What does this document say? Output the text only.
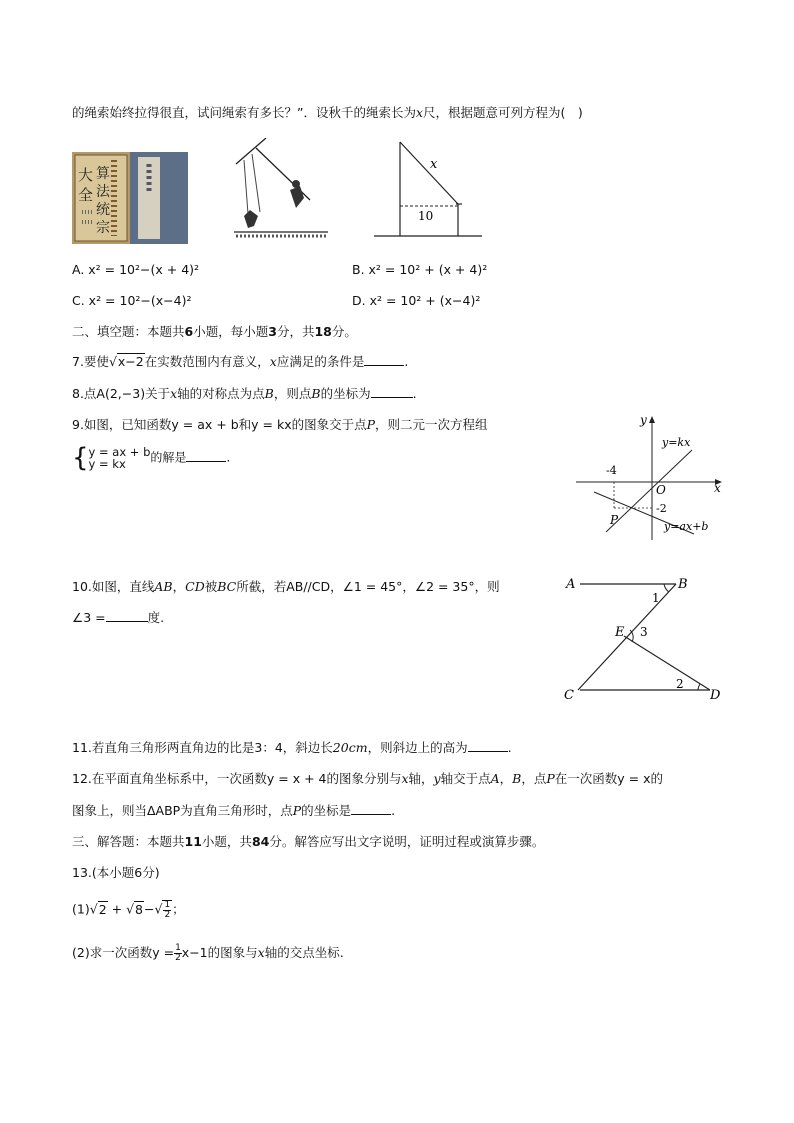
的绳索始终拉得很直，试问绳索有多长？”．设秋千的绳索长为x尺，根据题意可列方程为(　)
大
全
算
法
统
宗
x
10
A. x² = 10²−(x + 4)²	B. x² = 10² + (x + 4)²
C. x² = 10²−(x−4)²	D. x² = 10² + (x−4)²
二、填空题：本题共6小题，每小题3分，共18分。
7.要使√x−2在实数范围内有意义，x应满足的条件是	.
8.点A(2,−3)关于x轴的对称点为点B，则点B的坐标为	.
9.如图，已知函数y = ax + b和y = kx的图象交于点P，则二元一次方程组
{ y = ax + b
y = kx	的解是	.
y
x
O
-4
-2
P
y=kx
y=ax+b
10.如图，直线AB，CD被BC所截，若AB//CD，∠1 = 45°，∠2 = 35°，则
∠3 =	度.
A	B
C	D
E
1
2
3
11.若直角三角形两直角边的比是3：4，斜边长20cm，则斜边上的高为	.
12.在平面直角坐标系中，一次函数y = x + 4的图象分别与x轴，y轴交于点A，B，点P在一次函数y = x的
图象上，则当ΔABP为直角三角形时，点P的坐标是	.
三、解答题：本题共11小题，共84分。解答应写出文字说明，证明过程或演算步骤。
13.(本小题6分)
$(1)√2 + √8-√ \frac{1}{2}$ ；
(2)求一次函数$y = \frac{1}{2} x-1$的图象与x轴的交点坐标.
